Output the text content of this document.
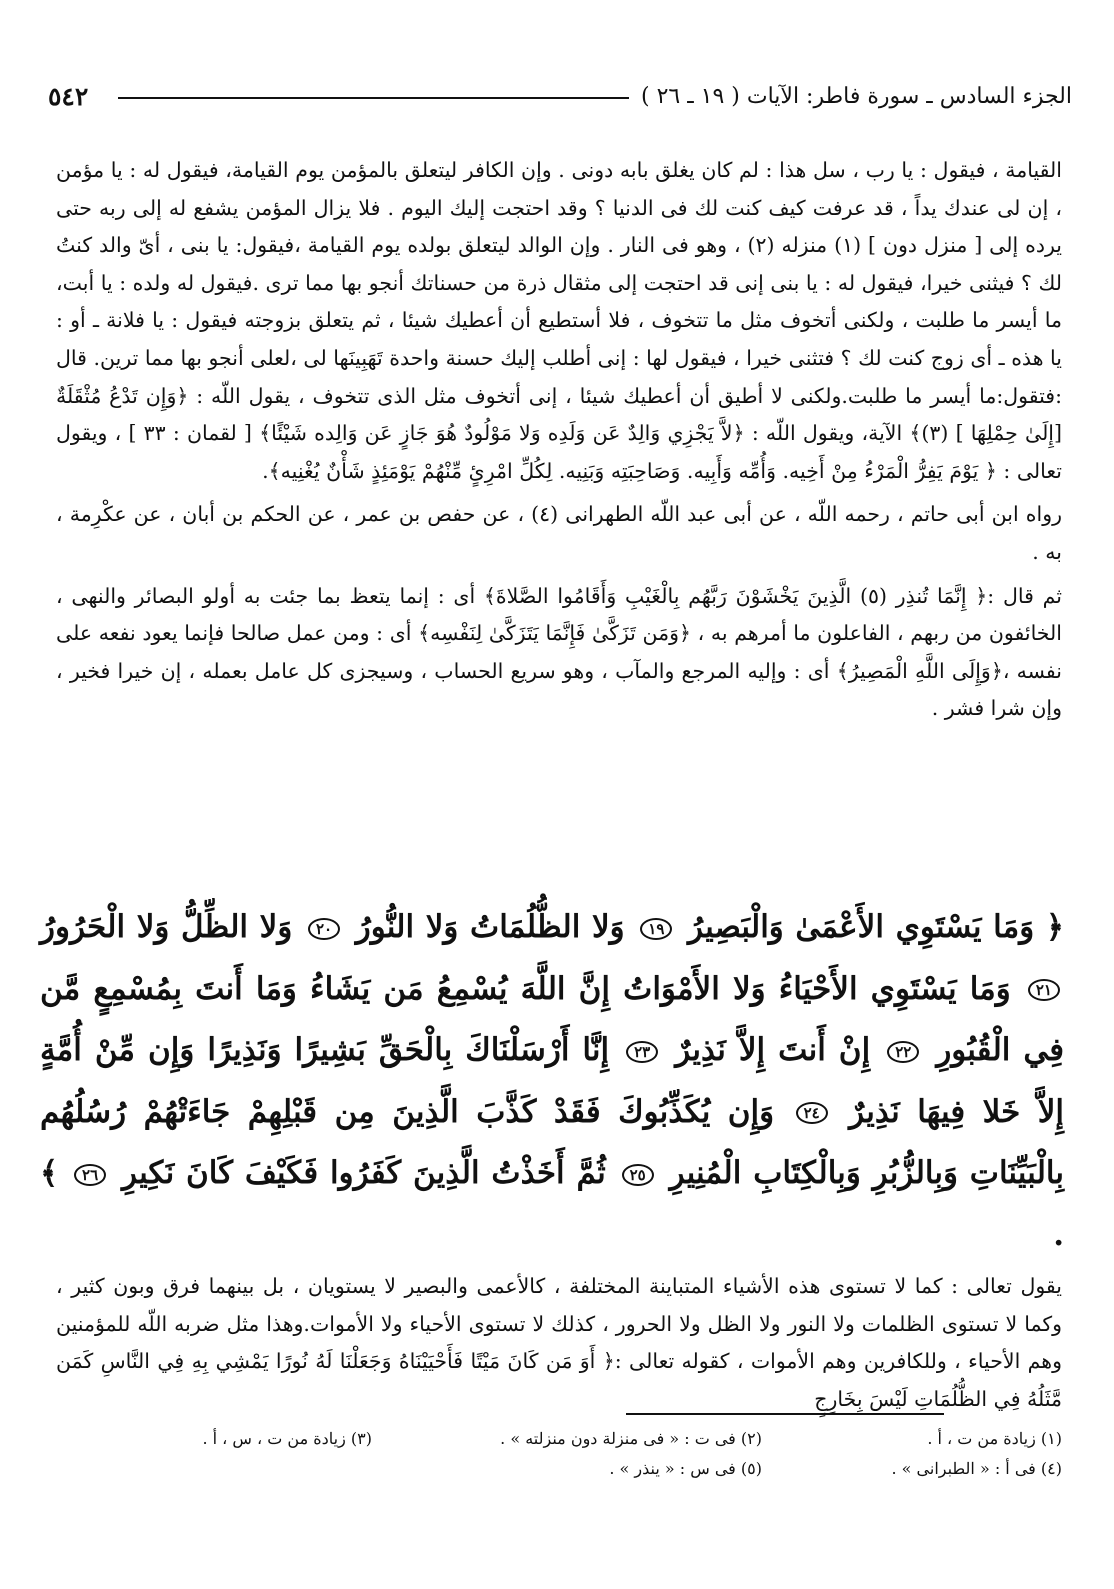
٥٤٢	الجزء السادس ـ سورة فاطر: الآيات ( ١٩ ـ ٢٦ )

القيامة ، فيقول : يا رب ، سل هذا : لم كان يغلق بابه دونى . وإن الكافر ليتعلق بالمؤمن يوم القيامة، فيقول له : يا مؤمن ، إن لى عندك يداً ، قد عرفت كيف كنت لك فى الدنيا ؟ وقد احتجت إليك اليوم . فلا يزال المؤمن يشفع له إلى ربه حتى يرده إلى [ منزل دون ] (١) منزله (٢) ، وهو فى النار . وإن الوالد ليتعلق بولده يوم القيامة ،فيقول: يا بنى ، أىّ والد كنتُ لك ؟ فيثنى خيرا، فيقول له : يا بنى إنى قد احتجت إلى مثقال ذرة من حسناتك أنجو بها مما ترى .فيقول له ولده : يا أبت، ما أيسر ما طلبت ، ولكنى أتخوف مثل ما تتخوف ، فلا أستطيع أن أعطيك شيئا ، ثم يتعلق بزوجته فيقول : يا فلانة ـ أو : يا هذه ـ أى زوج كنت لك ؟ فتثنى خيرا ، فيقول لها : إنى أطلب إليك حسنة واحدة تَهَبِينَها لى ،لعلى أنجو بها مما ترين. قال :فتقول:ما أيسر ما طلبت.ولكنى لا أطيق أن أعطيك شيئا ، إنى أتخوف مثل الذى تتخوف ، يقول اللّه : ﴿وَإِن تَدْعُ مُثْقَلَةٌ [إِلَىٰ حِمْلِهَا ] (٣)﴾ الآية، ويقول اللّه : ﴿لاَّ يَجْزِي وَالِدٌ عَن وَلَدِه وَلا مَوْلُودٌ هُوَ جَازٍ عَن وَالِده شَيْئًا﴾ [ لقمان : ٣٣ ] ، ويقول تعالى : ﴿ يَوْمَ يَفِرُّ الْمَرْءُ مِنْ أَخِيه. وَأُمِّه وَأَبِيه. وَصَاحِبَتِه وَبَنِيه. لِكُلِّ امْرِئٍ مِّنْهُمْ يَوْمَئِذٍ شَأْنٌ يُغْنِيه﴾.

رواه ابن أبى حاتم ، رحمه اللّه ، عن أبى عبد اللّه الطهرانى (٤) ، عن حفص بن عمر ، عن الحكم بن أبان ، عن عكْرِمة ، به .

ثم قال :﴿ إِنَّمَا تُنذِر (٥) الَّذِينَ يَخْشَوْنَ رَبَّهُم بِالْغَيْبِ وَأَقَامُوا الصَّلاةَ﴾ أى : إنما يتعظ بما جئت به أولو البصائر والنهى ، الخائفون من ربهم ، الفاعلون ما أمرهم به ، ﴿وَمَن تَزَكَّىٰ فَإِنَّمَا يَتَزَكَّىٰ لِنَفْسِه﴾ أى : ومن عمل صالحا فإنما يعود نفعه على نفسه ،﴿وَإِلَى اللَّهِ الْمَصِيرُ﴾ أى : وإليه المرجع والمآب ، وهو سريع الحساب ، وسيجزى كل عامل بعمله ، إن خيرا فخير ، وإن شرا فشر .

﴿ وَمَا يَسْتَوِي الأَعْمَىٰ وَالْبَصِيرُ ١٩ وَلا الظُّلُمَاتُ وَلا النُّورُ ٢٠ وَلا الظِّلُّ وَلا الْحَرُورُ ٢١ وَمَا يَسْتَوِي الأَحْيَاءُ وَلا الأَمْوَاتُ إِنَّ اللَّهَ يُسْمِعُ مَن يَشَاءُ وَمَا أَنتَ بِمُسْمِعٍ مَّن فِي الْقُبُورِ ٢٢ إِنْ أَنتَ إِلاَّ نَذِيرٌ ٢٣ إِنَّا أَرْسَلْنَاكَ بِالْحَقِّ بَشِيرًا وَنَذِيرًا وَإِن مِّنْ أُمَّةٍ إِلاَّ خَلا فِيهَا نَذِيرٌ ٢٤ وَإِن يُكَذِّبُوكَ فَقَدْ كَذَّبَ الَّذِينَ مِن قَبْلِهِمْ جَاءَتْهُمْ رُسُلُهُم بِالْبَيِّنَاتِ وَبِالزُّبُرِ وَبِالْكِتَابِ الْمُنِيرِ ٢٥ ثُمَّ أَخَذْتُ الَّذِينَ كَفَرُوا فَكَيْفَ كَانَ نَكِيرِ ٢٦ ﴾ .
يقول تعالى : كما لا تستوى هذه الأشياء المتباينة المختلفة ، كالأعمى والبصير لا يستويان ، بل بينهما فرق وبون كثير ، وكما لا تستوى الظلمات ولا النور ولا الظل ولا الحرور ، كذلك لا تستوى الأحياء ولا الأموات.وهذا مثل ضربه اللّه للمؤمنين وهم الأحياء ، وللكافرين وهم الأموات ، كقوله تعالى :﴿ أَوَ مَن كَانَ مَيْتًا فَأَحْيَيْنَاهُ وَجَعَلْنَا لَهُ نُورًا يَمْشِي بِهِ فِي النَّاسِ كَمَن مَّثَلُهُ فِي الظُّلُمَاتِ لَيْسَ بِخَارِجٍ
(١) زيادة من ت ، أ .
(٢) فى ت : « فى منزلة دون منزلته » .
(٣) زيادة من ت ، س ، أ .
(٤) فى أ : « الطبرانى » .
(٥) فى س : « ينذر » .
